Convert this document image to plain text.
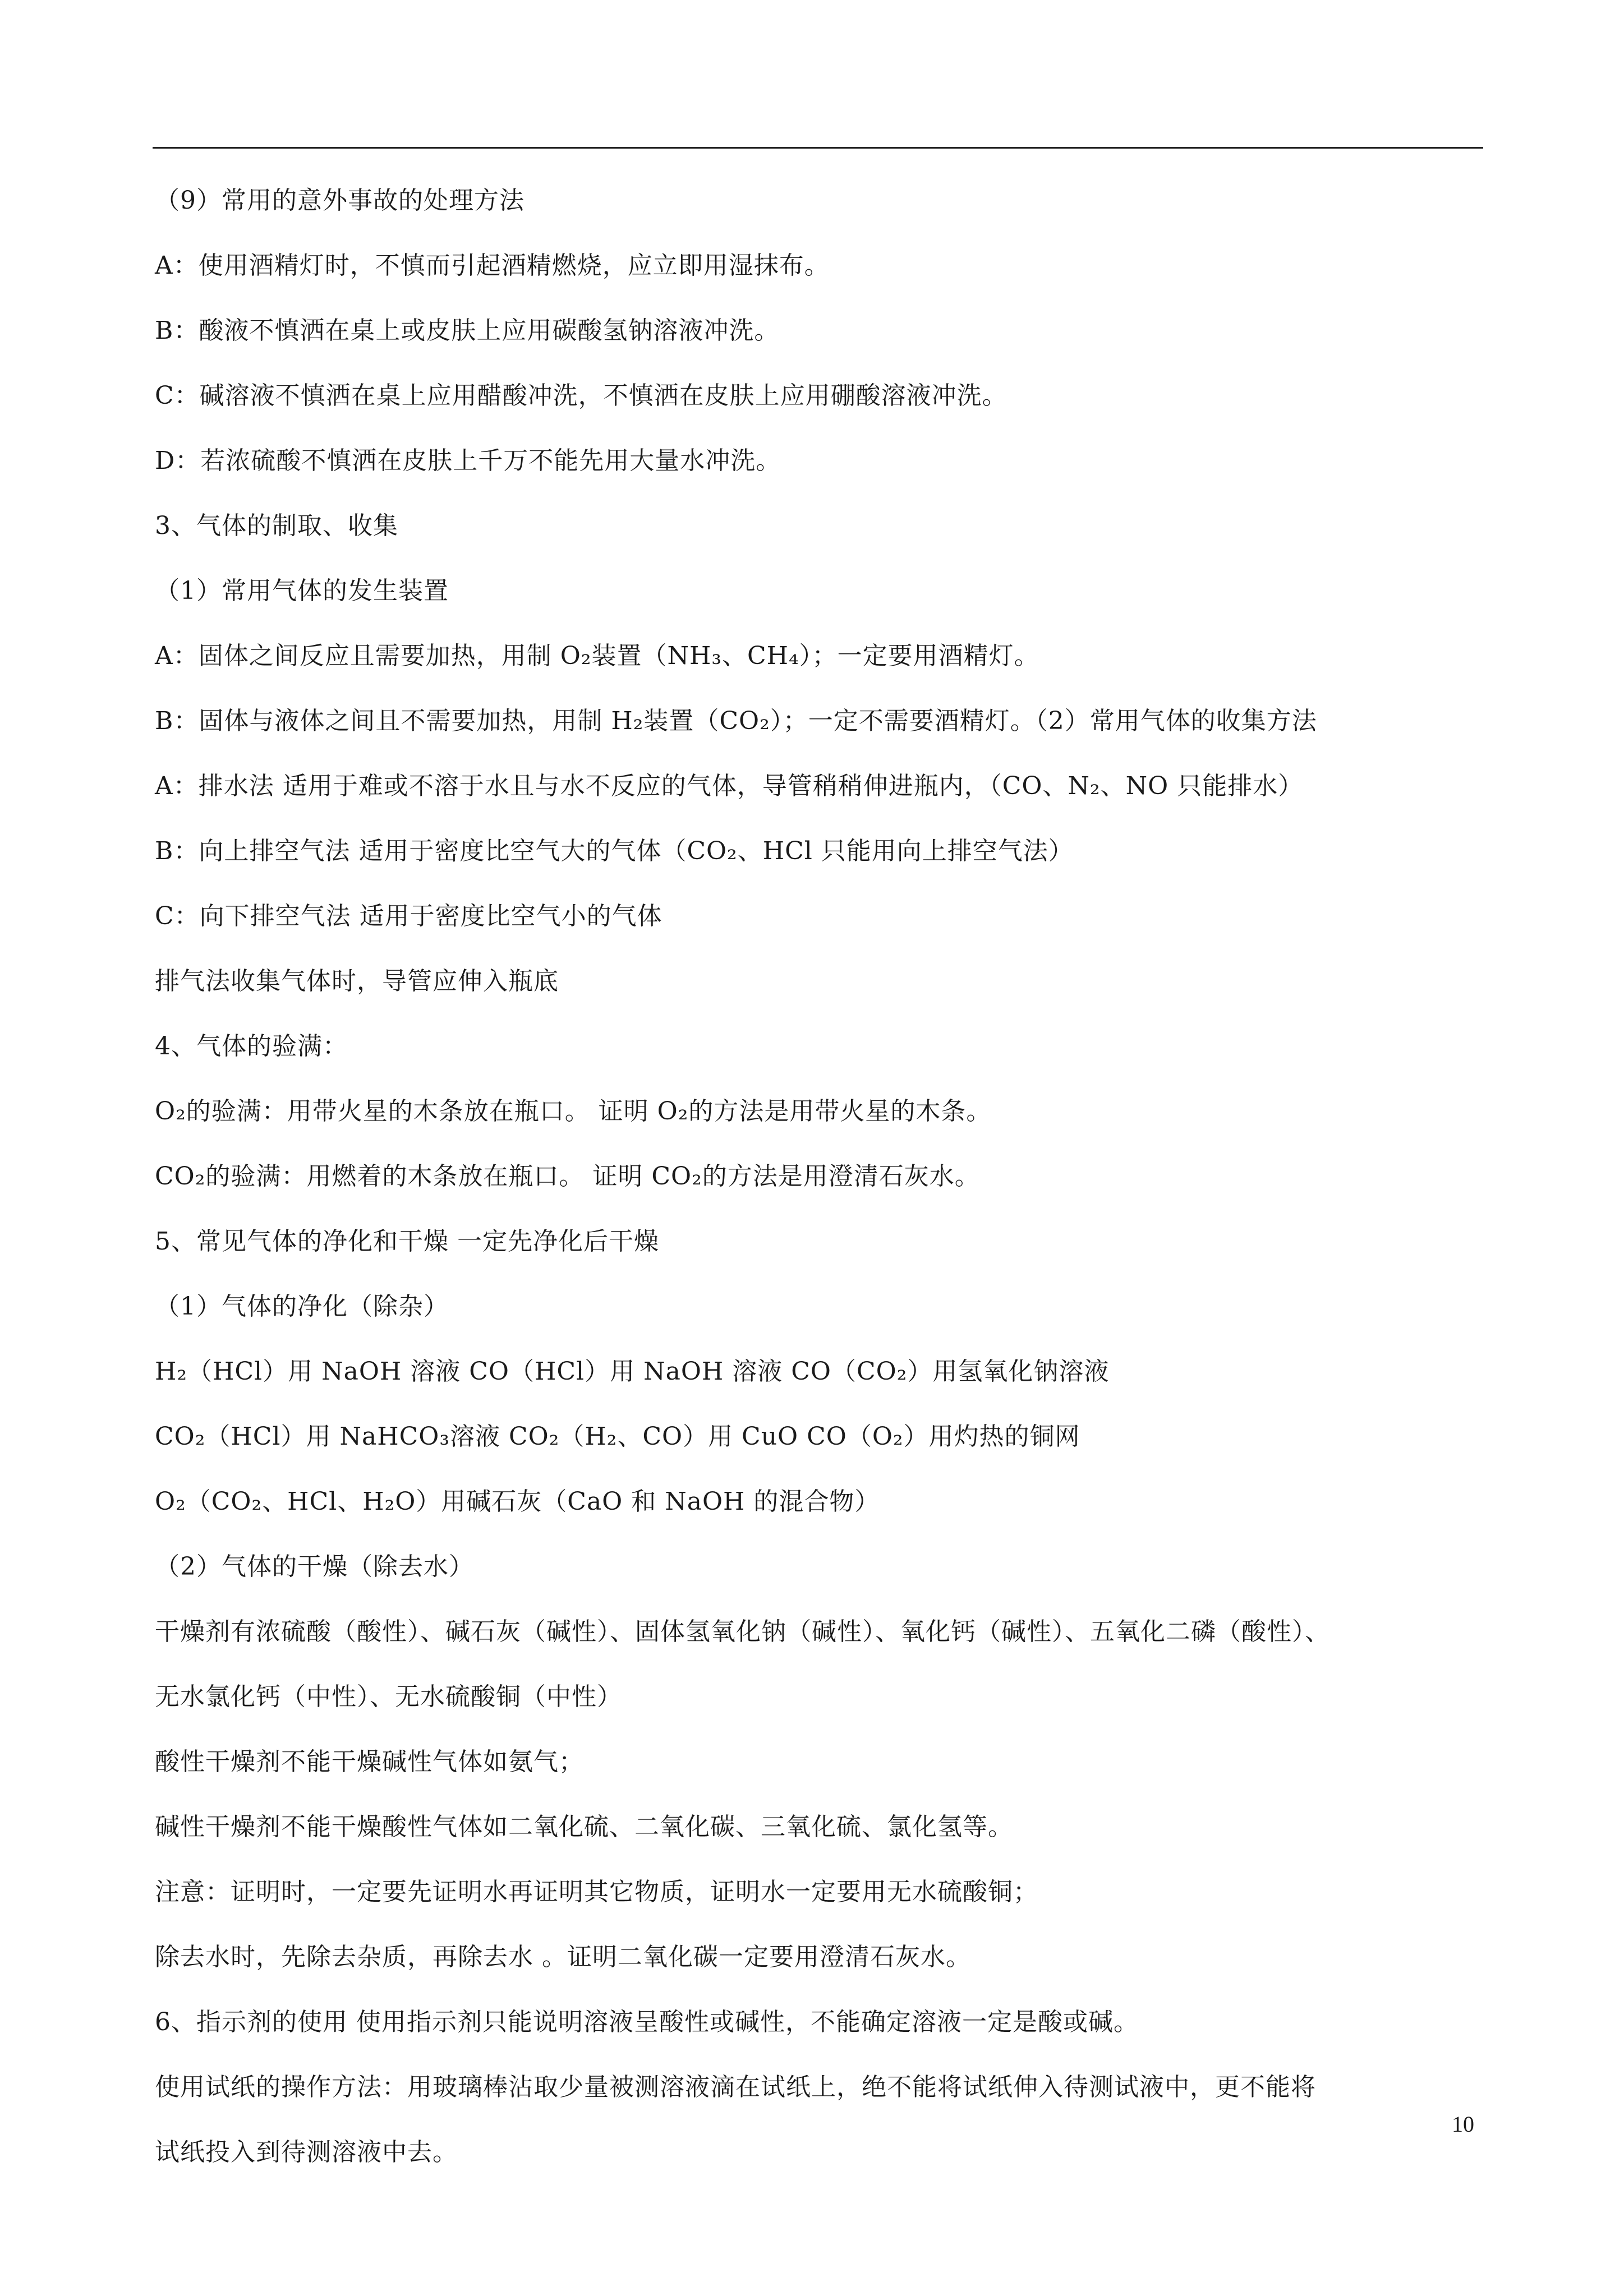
（9）常用的意外事故的处理方法
A：使用酒精灯时，不慎而引起酒精燃烧，应立即用湿抹布。
B：酸液不慎洒在桌上或皮肤上应用碳酸氢钠溶液冲洗。
C：碱溶液不慎洒在桌上应用醋酸冲洗，不慎洒在皮肤上应用硼酸溶液冲洗。
D：若浓硫酸不慎洒在皮肤上千万不能先用大量水冲洗。
3、气体的制取、收集
（1）常用气体的发生装置
A：固体之间反应且需要加热，用制 O₂装置（NH₃、CH₄）；一定要用酒精灯。
B：固体与液体之间且不需要加热，用制 H₂装置（CO₂）；一定不需要酒精灯。（2）常用气体的收集方法
A：排水法 适用于难或不溶于水且与水不反应的气体，导管稍稍伸进瓶内，（CO、N₂、NO 只能排水）
B：向上排空气法 适用于密度比空气大的气体（CO₂、HCl 只能用向上排空气法）
C：向下排空气法 适用于密度比空气小的气体
排气法收集气体时，导管应伸入瓶底
4、气体的验满：
O₂的验满：用带火星的木条放在瓶口。 证明 O₂的方法是用带火星的木条。
CO₂的验满：用燃着的木条放在瓶口。 证明 CO₂的方法是用澄清石灰水。
5、常见气体的净化和干燥 一定先净化后干燥
（1）气体的净化（除杂）
H₂（HCl）用 NaOH 溶液 CO（HCl）用 NaOH 溶液 CO（CO₂）用氢氧化钠溶液
CO₂（HCl）用 NaHCO₃溶液 CO₂（H₂、CO）用 CuO CO（O₂）用灼热的铜网
O₂（CO₂、HCl、H₂O）用碱石灰（CaO 和 NaOH 的混合物）
（2）气体的干燥（除去水）
干燥剂有浓硫酸（酸性）、碱石灰（碱性）、固体氢氧化钠（碱性）、氧化钙（碱性）、五氧化二磷（酸性）、
无水氯化钙（中性）、无水硫酸铜（中性）
酸性干燥剂不能干燥碱性气体如氨气；
碱性干燥剂不能干燥酸性气体如二氧化硫、二氧化碳、三氧化硫、氯化氢等。
注意：证明时，一定要先证明水再证明其它物质，证明水一定要用无水硫酸铜；
除去水时，先除去杂质，再除去水 。证明二氧化碳一定要用澄清石灰水。
6、指示剂的使用 使用指示剂只能说明溶液呈酸性或碱性，不能确定溶液一定是酸或碱。
使用试纸的操作方法：用玻璃棒沾取少量被测溶液滴在试纸上，绝不能将试纸伸入待测试液中，更不能将
试纸投入到待测溶液中去。
10
